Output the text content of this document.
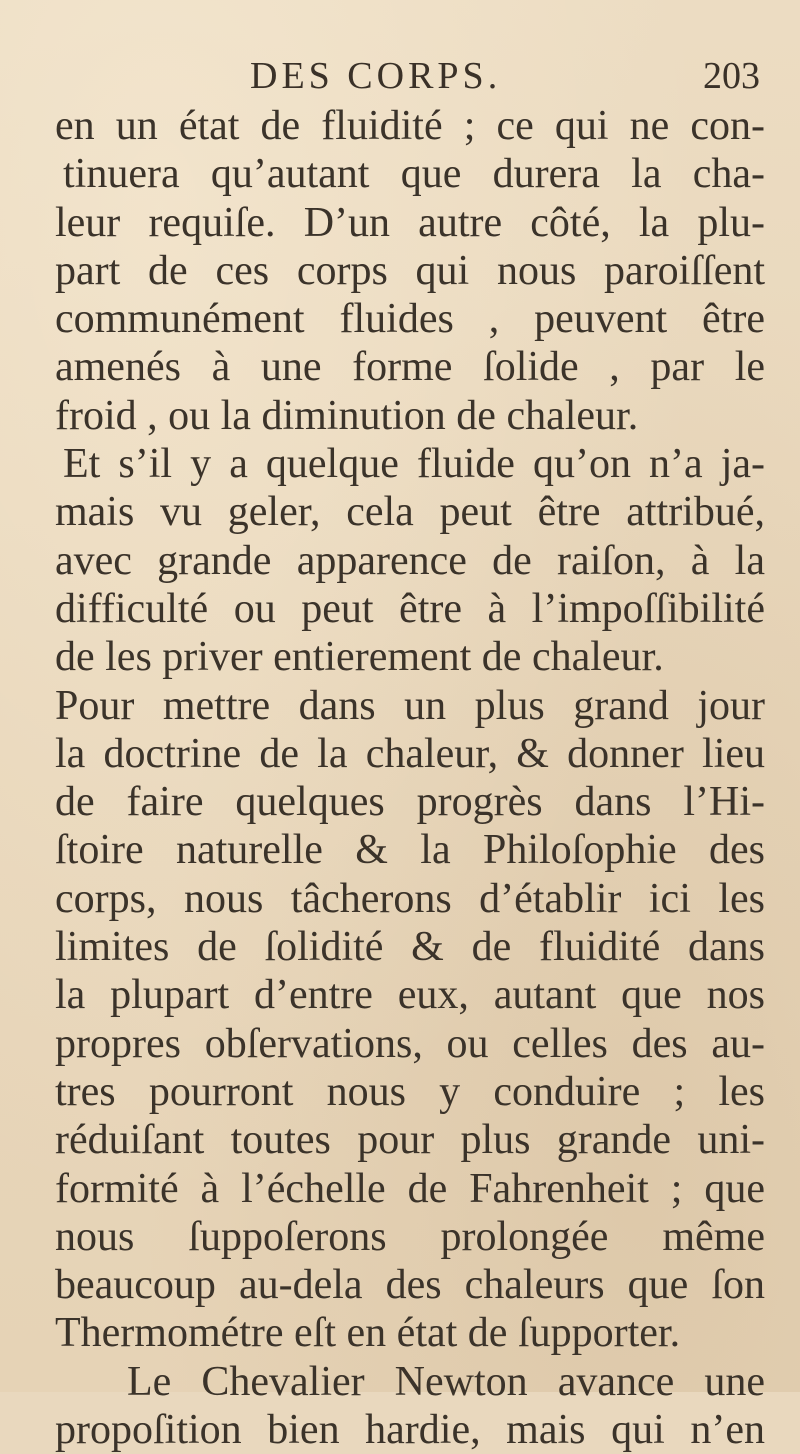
DES CORPS.	203
en un état de fluidité ; ce qui ne con-
tinuera qu’autant que durera la cha-
leur requiſe. D’un autre côté, la plu-
part de ces corps qui nous paroiſſent
communément fluides , peuvent être
amenés à une forme ſolide , par le
froid , ou la diminution de chaleur.
Et s’il y a quelque fluide qu’on n’a ja-
mais vu geler, cela peut être attribué,
avec grande apparence de raiſon, à la
difficulté ou peut être à l’impoſſibilité
de les priver entierement de chaleur.
Pour mettre dans un plus grand jour
la doctrine de la chaleur, & donner lieu
de faire quelques progrès dans l’Hi-
ſtoire naturelle & la Philoſophie des
corps, nous tâcherons d’établir ici les
limites de ſolidité & de fluidité dans
la plupart d’entre eux, autant que nos
propres obſervations, ou celles des au-
tres pourront nous y conduire ; les
réduiſant toutes pour plus grande uni-
formité à l’échelle de Fahrenheit ; que
nous ſuppoſerons prolongée même
beaucoup au-dela des chaleurs que ſon
Thermométre eſt en état de ſupporter.
Le Chevalier Newton avance une
propoſition bien hardie, mais qui n’en
